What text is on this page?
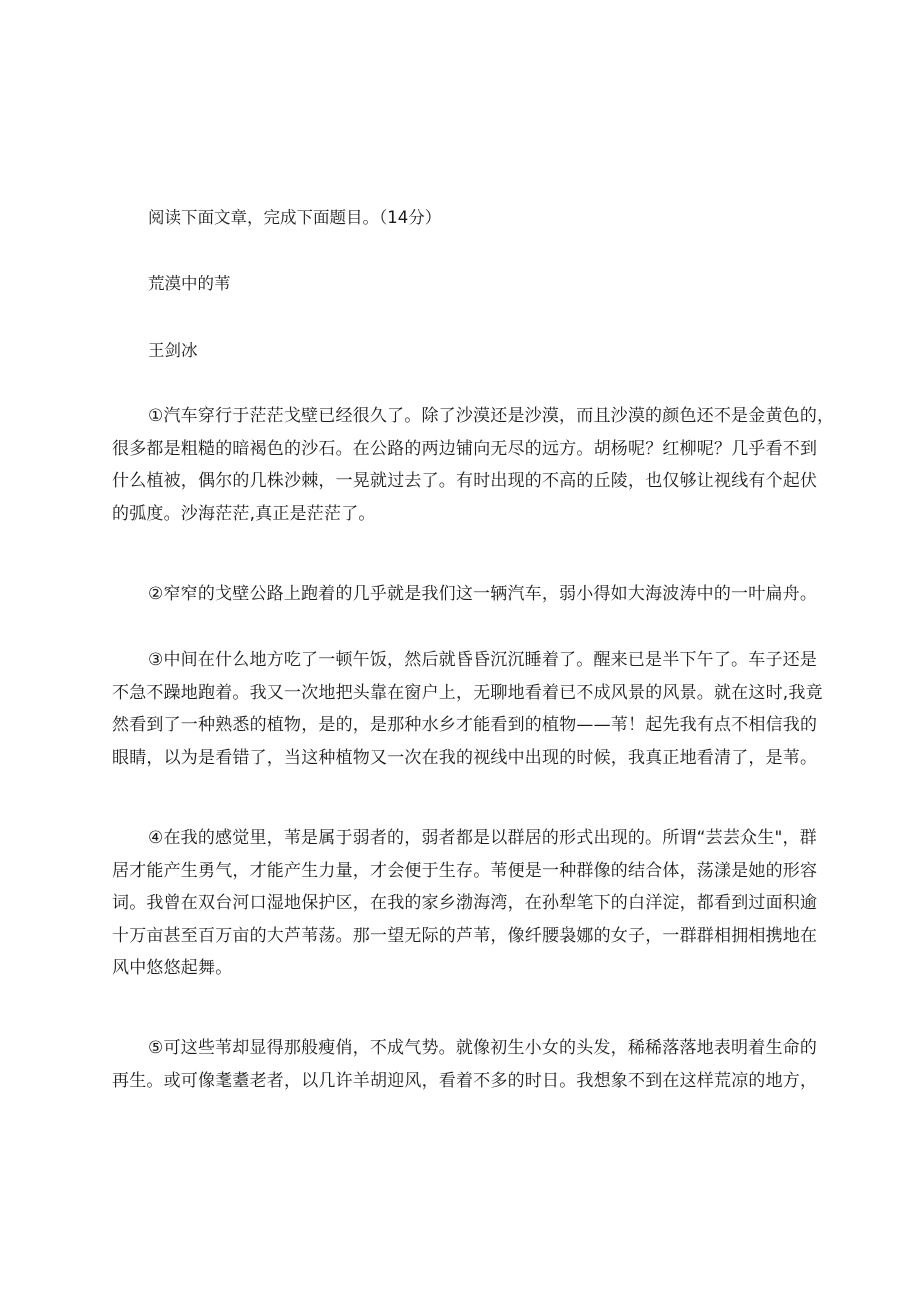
阅读下面文章，完成下面题目。（14分）
荒漠中的苇
王剑冰
①汽车穿行于茫茫戈壁已经很久了。除了沙漠还是沙漠，而且沙漠的颜色还不是金黄色的，
很多都是粗糙的暗褐色的沙石。在公路的两边铺向无尽的远方。胡杨呢？红柳呢？几乎看不到
什么植被，偶尔的几株沙棘，一晃就过去了。有时出现的不高的丘陵，也仅够让视线有个起伏
的弧度。沙海茫茫,真正是茫茫了。
②窄窄的戈壁公路上跑着的几乎就是我们这一辆汽车，弱小得如大海波涛中的一叶扁舟。
③中间在什么地方吃了一顿午饭，然后就昏昏沉沉睡着了。醒来已是半下午了。车子还是
不急不躁地跑着。我又一次地把头靠在窗户上，无聊地看着已不成风景的风景。就在这时,我竟
然看到了一种熟悉的植物，是的，是那种水乡才能看到的植物——苇！起先我有点不相信我的
眼睛，以为是看错了，当这种植物又一次在我的视线中出现的时候，我真正地看清了，是苇。
④在我的感觉里，苇是属于弱者的，弱者都是以群居的形式出现的。所谓“芸芸众生"，群
居才能产生勇气，才能产生力量，才会便于生存。苇便是一种群像的结合体，荡漾是她的形容
词。我曾在双台河口湿地保护区，在我的家乡渤海湾，在孙犁笔下的白洋淀，都看到过面积逾
十万亩甚至百万亩的大芦苇荡。那一望无际的芦苇，像纤腰袅娜的女子，一群群相拥相携地在
风中悠悠起舞。
⑤可这些苇却显得那般瘦俏，不成气势。就像初生小女的头发，稀稀落落地表明着生命的
再生。或可像耄耋老者，以几许羊胡迎风，看着不多的时日。我想象不到在这样荒凉的地方，
